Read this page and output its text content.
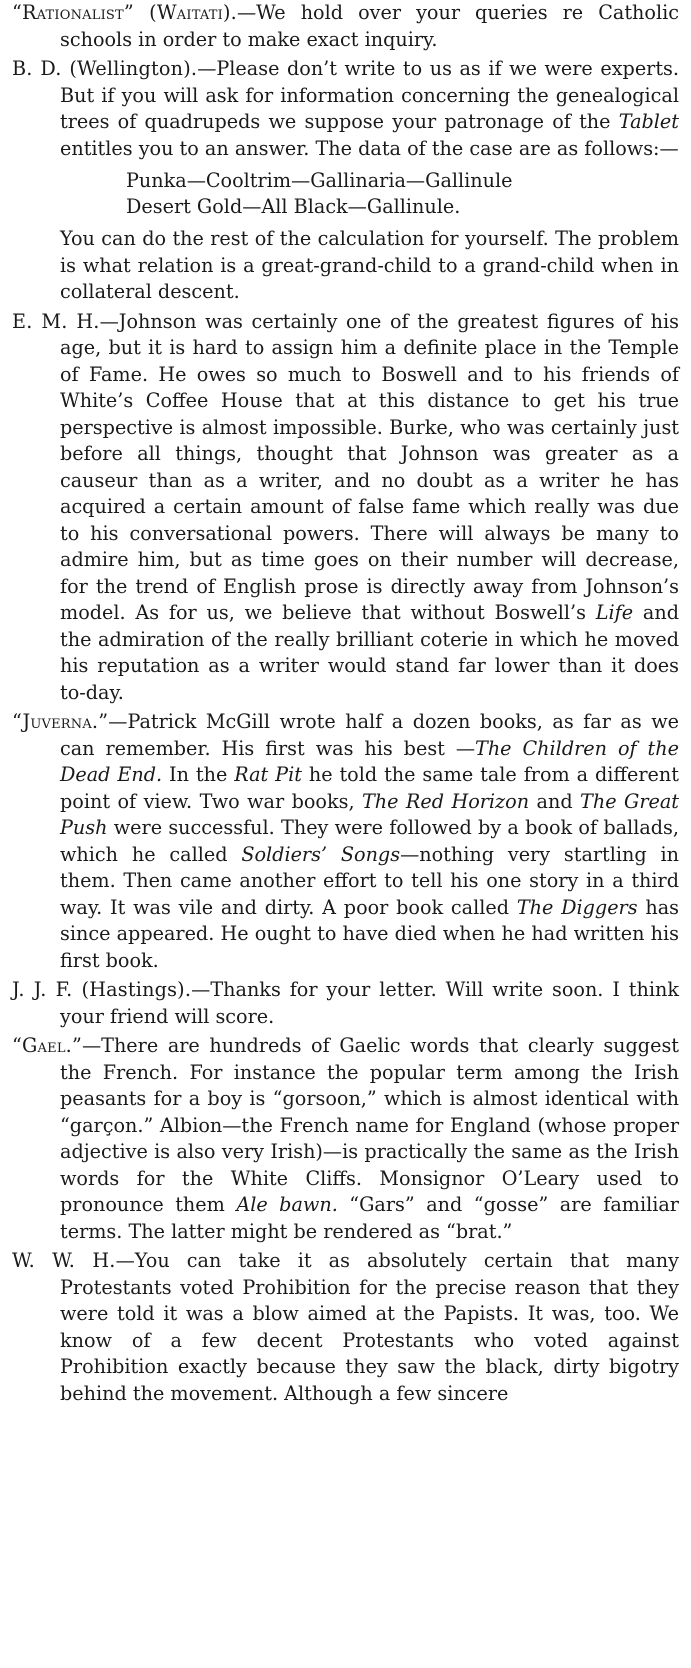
“Rationalist” (Waitati).—We hold over your queries re Catholic schools in order to make exact inquiry.

B. D. (Wellington).—Please don’t write to us as if we were experts. But if you will ask for information concerning the genealogical trees of quadrupeds we suppose your patronage of the Tablet entitles you to an answer. The data of the case are as follows:—

Punka—Cooltrim—Gallinaria—Gallinule
Desert Gold—All Black—Gallinule.

You can do the rest of the calculation for yourself. The problem is what relation is a great-grand-child to a grand-child when in collateral descent.

E. M. H.—Johnson was certainly one of the greatest figures of his age, but it is hard to assign him a definite place in the Temple of Fame. He owes so much to Boswell and to his friends of White’s Coffee House that at this distance to get his true perspective is almost impossible. Burke, who was certainly just before all things, thought that Johnson was greater as a causeur than as a writer, and no doubt as a writer he has acquired a certain amount of false fame which really was due to his conversational powers. There will always be many to admire him, but as time goes on their number will decrease, for the trend of English prose is directly away from Johnson’s model. As for us, we believe that without Boswell’s Life and the admiration of the really brilliant coterie in which he moved his reputation as a writer would stand far lower than it does to-day.

“Juverna.”—Patrick McGill wrote half a dozen books, as far as we can remember. His first was his best —The Children of the Dead End. In the Rat Pit he told the same tale from a different point of view. Two war books, The Red Horizon and The Great Push were successful. They were followed by a book of ballads, which he called Soldiers’ Songs—nothing very startling in them. Then came another effort to tell his one story in a third way. It was vile and dirty. A poor book called The Diggers has since appeared. He ought to have died when he had written his first book.

J. J. F. (Hastings).—Thanks for your letter. Will write soon. I think your friend will score.

“Gael.”—There are hundreds of Gaelic words that clearly suggest the French. For instance the popular term among the Irish peasants for a boy is “gorsoon,” which is almost identical with “garçon.” Albion—the French name for England (whose proper adjective is also very Irish)—is practically the same as the Irish words for the White Cliffs. Monsignor O’Leary used to pronounce them Ale bawn. “Gars” and “gosse” are familiar terms. The latter might be rendered as “brat.”

W. W. H.—You can take it as absolutely certain that many Protestants voted Prohibition for the precise reason that they were told it was a blow aimed at the Papists. It was, too. We know of a few decent Protestants who voted against Prohibition exactly because they saw the black, dirty bigotry behind the movement. Although a few sincere
